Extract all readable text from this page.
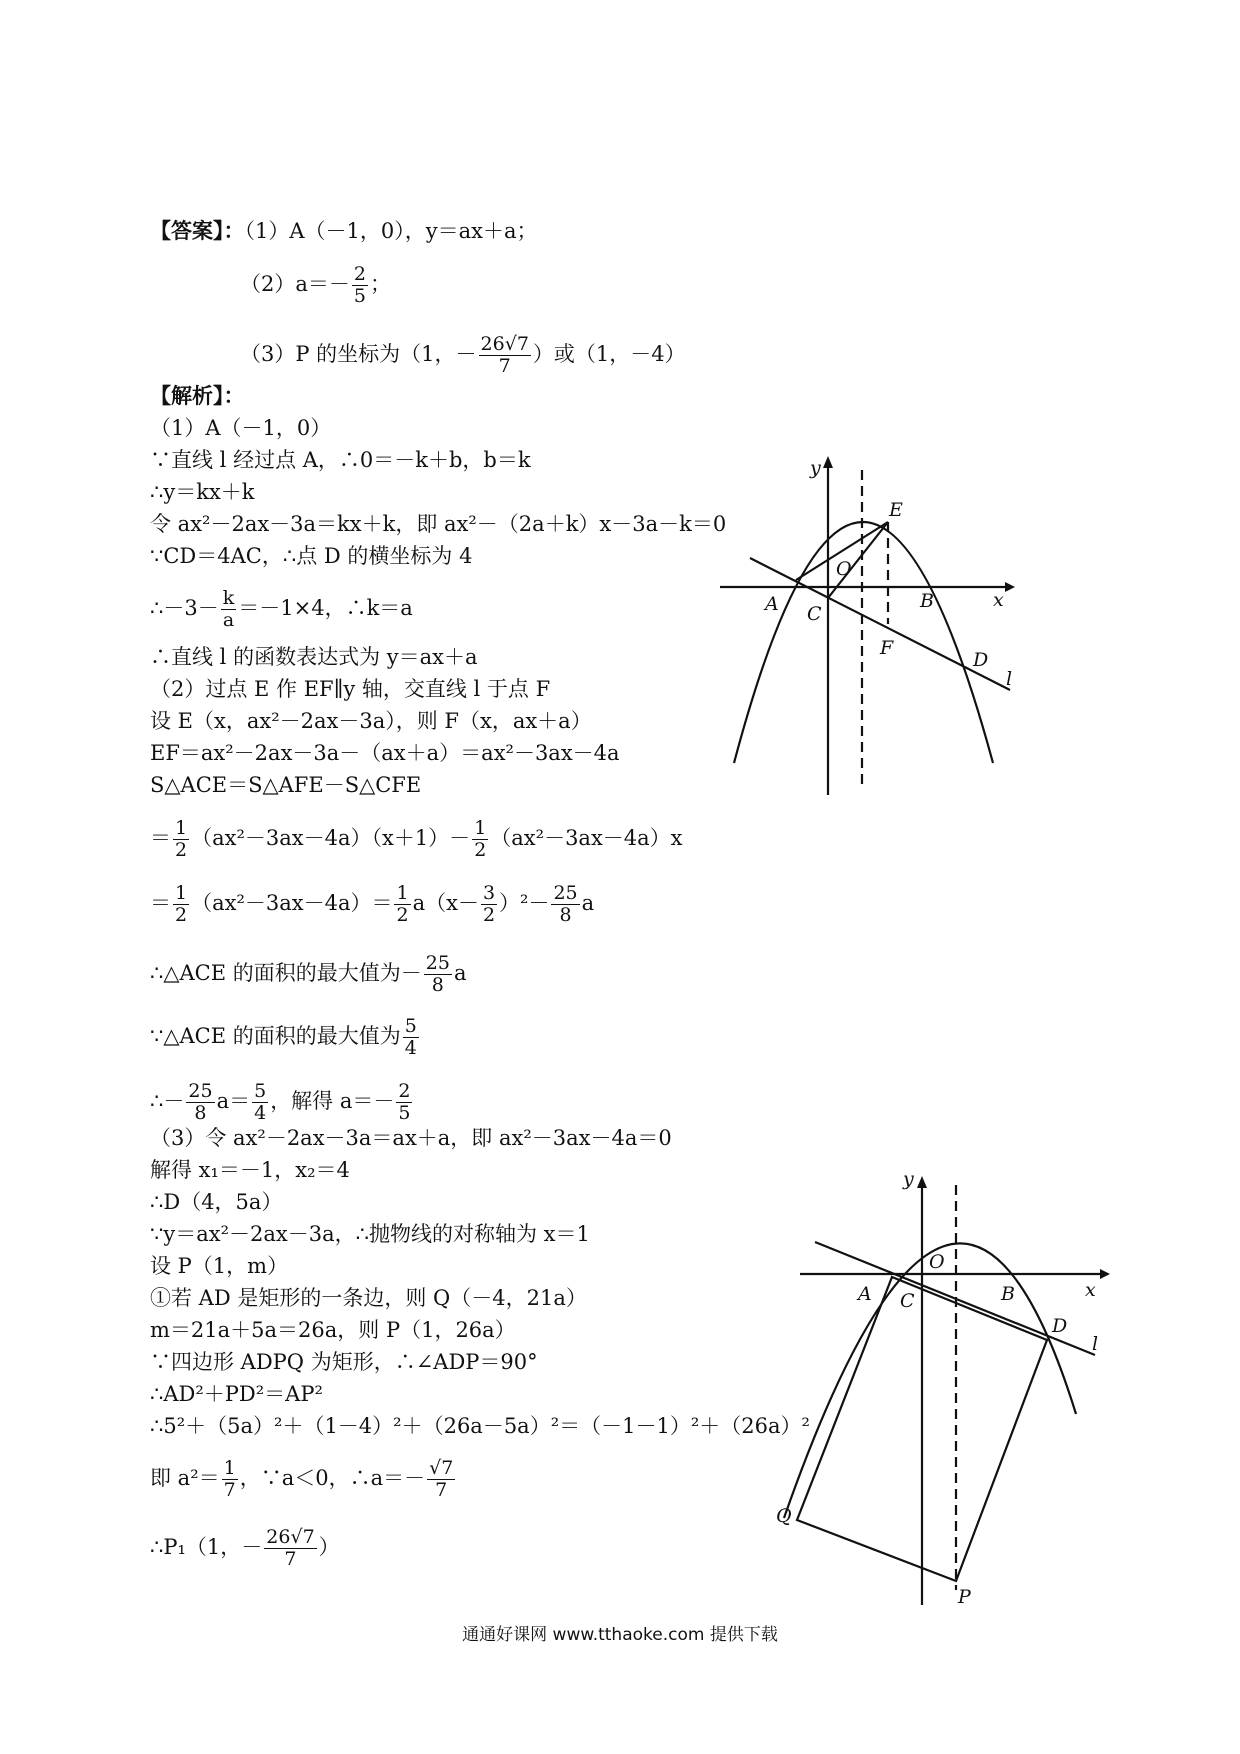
【答案】：（1）A（－1，0），y＝ax＋a；
$(2)a=- \frac{2}{5}$ ；
（3）P 的坐标为（1，－ $\frac{26√7}{7}$ ）或（1，－4）
【解析】：
（1）A（－1，0）
∵直线 l 经过点 A，∴0＝－k＋b，b＝k
∴y＝kx＋k
令 ax²－2ax－3a＝kx＋k，即 ax²－（2a＋k）x－3a－k＝0
∵CD＝4AC，∴点 D 的横坐标为 4
∴－3－ $\frac{k}{a} =-1\times 4$，∴k＝a
∴直线 l 的函数表达式为 y＝ax＋a
（2）过点 E 作 EF∥y 轴，交直线 l 于点 F
设 E（x，ax²－2ax－3a），则 F（x，ax＋a）
EF＝ax²－2ax－3a－（ax＋a）＝ax²－3ax－4a
S△ACE＝S△AFE－S△CFE
＝ $\frac{1}{2} (ax^2-3ax-4a)(x+1)- \frac{1}{2} (ax^2-3ax-4a)x$
＝ $\frac{1}{2} (ax^2-3ax-4a)= \frac{1}{2} a(x- \frac{3}{2} )^2- \frac{25}{8}$ a
∴△ACE 的面积的最大值为－ $\frac{25}{8}$ a
∵△ACE 的面积的最大值为 $\frac{5}{4}$
∴－ $\frac{25}{8} a= \frac{5}{4}$ ，解得 $a=- \frac{2}{5}$
（3）令 ax²－2ax－3a＝ax＋a，即 ax²－3ax－4a＝0
解得 x₁＝－1，x₂＝4
∴D（4，5a）
∵y＝ax²－2ax－3a，∴抛物线的对称轴为 x＝1
设 P（1，m）
①若 AD 是矩形的一条边，则 Q（－4，21a）
m＝21a＋5a＝26a，则 P（1，26a）
∵四边形 ADPQ 为矩形，∴∠ADP＝90°
∴AD²＋PD²＝AP²
∴5²＋（5a）²＋（1－4）²＋（26a－5a）²＝（－1－1）²＋（26a）²
即 $a^2= \frac{1}{7}$ ，∵a＜0，∴a＝－ $\frac{√7}{7}$
∴P₁（1，－ $\frac{26√7}{7}$ ）
y
x
E
O
A C
B
F
D
l
y
x
O
A C	B
D
l
Q
P
通通好课网 www.tthaoke.com 提供下载
